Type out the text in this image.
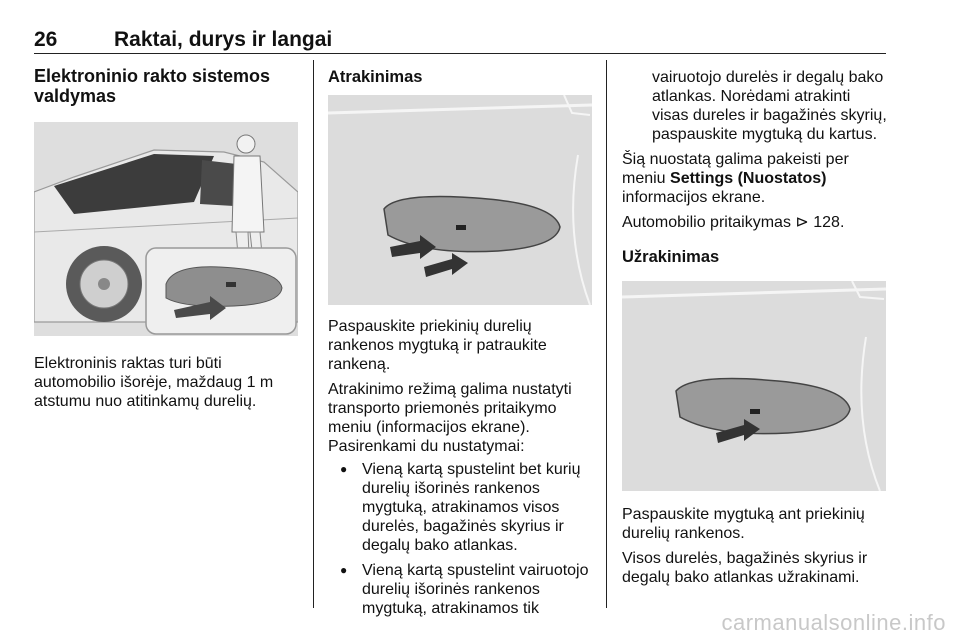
26	Raktai, durys ir langai
Elektroninio rakto sistemos valdymas

Elektroninis raktas turi būti automobilio išorėje, maždaug 1 m atstumu nuo atitinkamų durelių.

Atrakinimas

Paspauskite priekinių durelių rankenos mygtuką ir patraukite rankeną.

Atrakinimo režimą galima nustatyti transporto priemonės pritaikymo meniu (informacijos ekrane). Pasirenkami du nustatymai:

● Vieną kartą spustelint bet kurių durelių išorinės rankenos mygtuką, atrakinamos visos durelės, bagažinės skyrius ir degalų bako atlankas.
● Vieną kartą spustelint vairuotojo durelių išorinės rankenos mygtuką, atrakinamos tik

vairuotojo durelės ir degalų bako atlankas. Norėdami atrakinti visas dureles ir bagažinės skyrių, paspauskite mygtuką du kartus.

Šią nuostatą galima pakeisti per meniu Settings (Nuostatos) informacijos ekrane.

Automobilio pritaikymas ⊳ 128.

Užrakinimas

Paspauskite mygtuką ant priekinių durelių rankenos.

Visos durelės, bagažinės skyrius ir degalų bako atlankas užrakinami.

carmanualsonline.info
